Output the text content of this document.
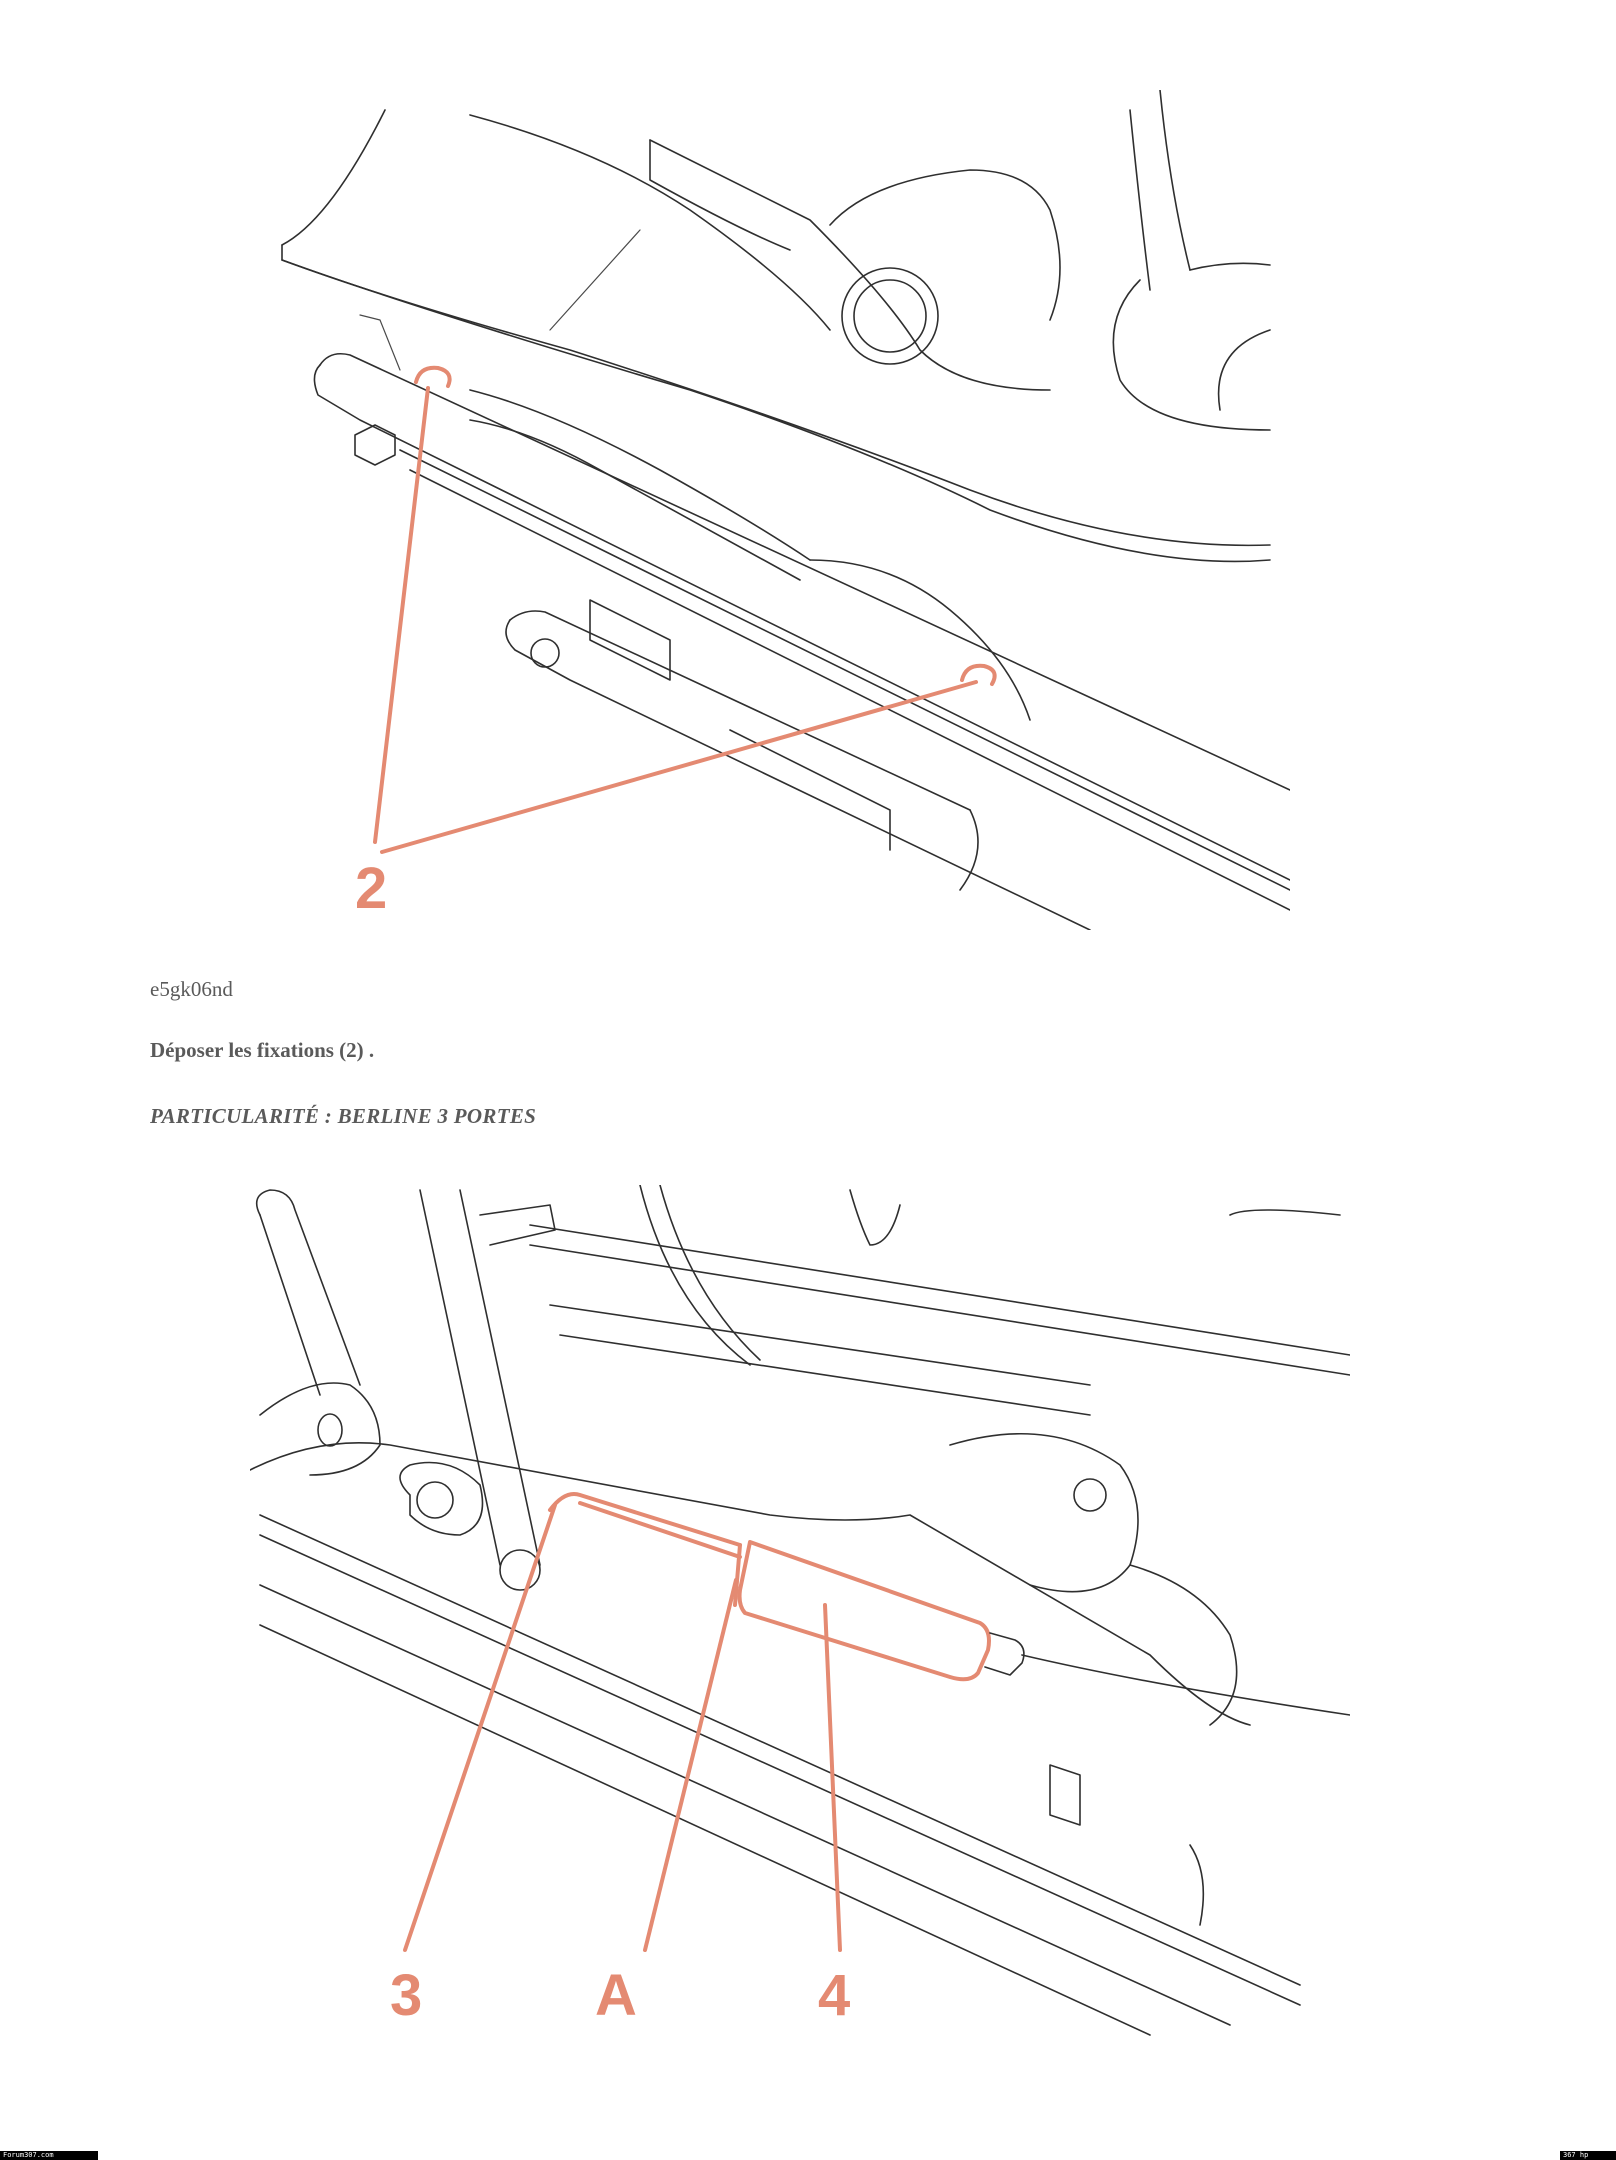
2
e5gk06nd
Déposer les fixations (2) .
PARTICULARITÉ : BERLINE 3 PORTES
3	A	4
Forum307.com	367 hp
